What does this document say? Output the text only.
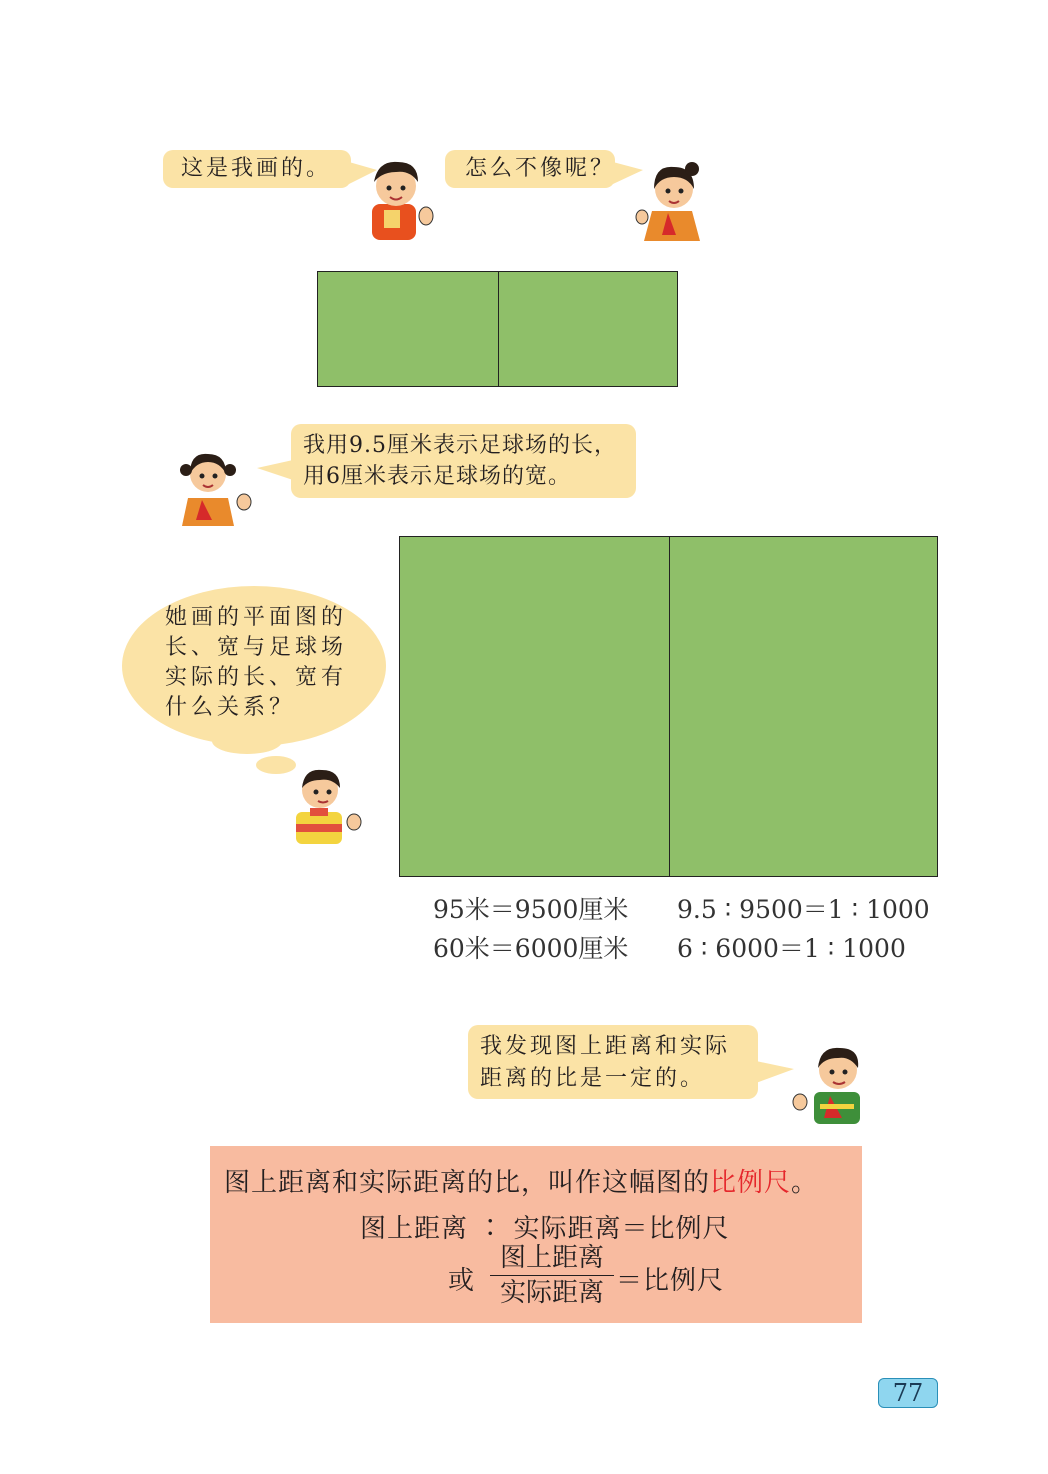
这是我画的。	怎么不像呢？
我用9.5厘米表示足球场的长，
用6厘米表示足球场的宽。
她画的平面图的
长、宽与足球场
实际的长、宽有
什么关系？
95米＝9500厘米
60米＝6000厘米
9.5 ∶ 9500＝1 ∶ 1000
6 ∶ 6000＝1 ∶ 1000
我发现图上距离和实际
距离的比是一定的。
图上距离和实际距离的比，叫作这幅图的比例尺。
图上距离 ∶ 实际距离＝比例尺
或
图上距离
实际距离 ＝比例尺
77
